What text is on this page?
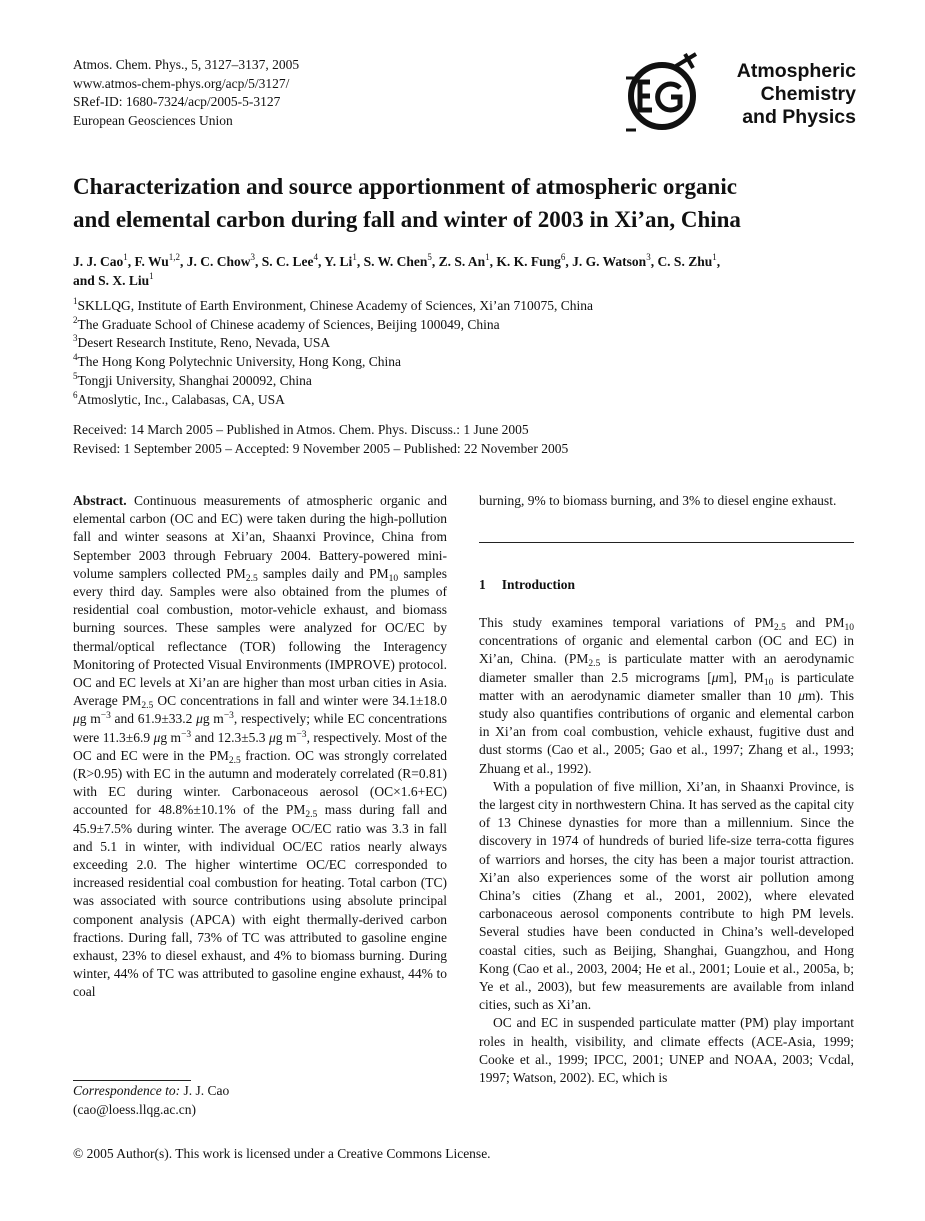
Atmos. Chem. Phys., 5, 3127–3137, 2005
www.atmos-chem-phys.org/acp/5/3127/
SRef-ID: 1680-7324/acp/2005-5-3127
European Geosciences Union
Atmospheric
Chemistry
and Physics
Characterization and source apportionment of atmospheric organic
and elemental carbon during fall and winter of 2003 in Xi’an, China
J. J. Cao$^1$, F. Wu$^{1,2}$, J. C. Chow$^3$, S. C. Lee$^4$, Y. Li$^1$, S. W. Chen$^5$, Z. S. An$^1$, K. K. Fung$^6$, J. G. Watson$^3$, C. S. Zhu$^1$,
and S. X. Liu$^1$
$^1$SKLLQG, Institute of Earth Environment, Chinese Academy of Sciences, Xi’an 710075, China
$^2$The Graduate School of Chinese academy of Sciences, Beijing 100049, China
$^3$Desert Research Institute, Reno, Nevada, USA
$^4$The Hong Kong Polytechnic University, Hong Kong, China
$^5$Tongji University, Shanghai 200092, China
$^6$Atmoslytic, Inc., Calabasas, CA, USA
Received: 14 March 2005 – Published in Atmos. Chem. Phys. Discuss.: 1 June 2005
Revised: 1 September 2005 – Accepted: 9 November 2005 – Published: 22 November 2005
Abstract. Continuous measurements of atmospheric organic and elemental carbon (OC and EC) were taken during the high-pollution fall and winter seasons at Xi’an, Shaanxi Province, China from September 2003 through February 2004. Battery-powered mini-volume samplers collected $PM_{2.5}$ samples daily and $PM_{10}$ samples every third day. Samples were also obtained from the plumes of residential coal combustion, motor-vehicle exhaust, and biomass burning sources. These samples were analyzed for OC/EC by thermal/optical reflectance (TOR) following the Interagency Monitoring of Protected Visual Environments (IMPROVE) protocol. OC and EC levels at Xi’an are higher than most urban cities in Asia. Average $PM_{2.5}$ OC concentrations in fall and winter were 34.1±18.0 μg $m^{-3}$ and 61.9±33.2 μg $m^{-3}$, respectively; while EC concentrations were 11.3±6.9 μg $m^{-3}$ and 12.3±5.3 μg $m^{-3}$, respectively. Most of the OC and EC were in the $PM_{2.5}$ fraction. OC was strongly correlated (R>0.95) with EC in the autumn and moderately correlated (R=0.81) with EC during winter. Carbonaceous aerosol (OC×1.6+EC) accounted for 48.8%±10.1% of the $PM_{2.5}$ mass during fall and 45.9±7.5% during winter. The average OC/EC ratio was 3.3 in fall and 5.1 in winter, with individual OC/EC ratios nearly always exceeding 2.0. The higher wintertime OC/EC corresponded to increased residential coal combustion for heating. Total carbon (TC) was associated with source contributions using absolute principal component analysis (APCA) with eight thermally-derived carbon fractions. During fall, 73% of TC was attributed to gasoline engine exhaust, 23% to diesel exhaust, and 4% to biomass burning. During winter, 44% of TC was attributed to gasoline engine exhaust, 44% to coal
Correspondence to: J. J. Cao
(cao@loess.llqg.ac.cn)
burning, 9% to biomass burning, and 3% to diesel engine exhaust.
1 Introduction
This study examines temporal variations of $PM_{2.5}$ and $PM_{10}$ concentrations of organic and elemental carbon (OC and EC) in Xi’an, China. ($PM_{2.5}$ is particulate matter with an aerodynamic diameter smaller than 2.5 micrograms [μm], $PM_{10}$ is particulate matter with an aerodynamic diameter smaller than 10 μm). This study also quantifies contributions of organic and elemental carbon in Xi’an from coal combustion, vehicle exhaust, fugitive dust and dust storms (Cao et al., 2005; Gao et al., 1997; Zhang et al., 1993; Zhuang et al., 1992).
With a population of five million, Xi’an, in Shaanxi Province, is the largest city in northwestern China. It has served as the capital city of 13 Chinese dynasties for more than a millennium. Since the discovery in 1974 of hundreds of buried life-size terra-cotta figures of warriors and horses, the city has been a major tourist attraction. Xi’an also experiences some of the worst air pollution among China’s cities (Zhang et al., 2001, 2002), where elevated carbonaceous aerosol components contribute to high PM levels. Several studies have been conducted in China’s well-developed coastal cities, such as Beijing, Shanghai, Guangzhou, and Hong Kong (Cao et al., 2003, 2004; He et al., 2001; Louie et al., 2005a, b; Ye et al., 2003), but few measurements are available from inland cities, such as Xi’an.
OC and EC in suspended particulate matter (PM) play important roles in health, visibility, and climate effects (ACE-Asia, 1999; Cooke et al., 1999; IPCC, 2001; UNEP and NOAA, 2003; Vcdal, 1997; Watson, 2002). EC, which is
© 2005 Author(s). This work is licensed under a Creative Commons License.
